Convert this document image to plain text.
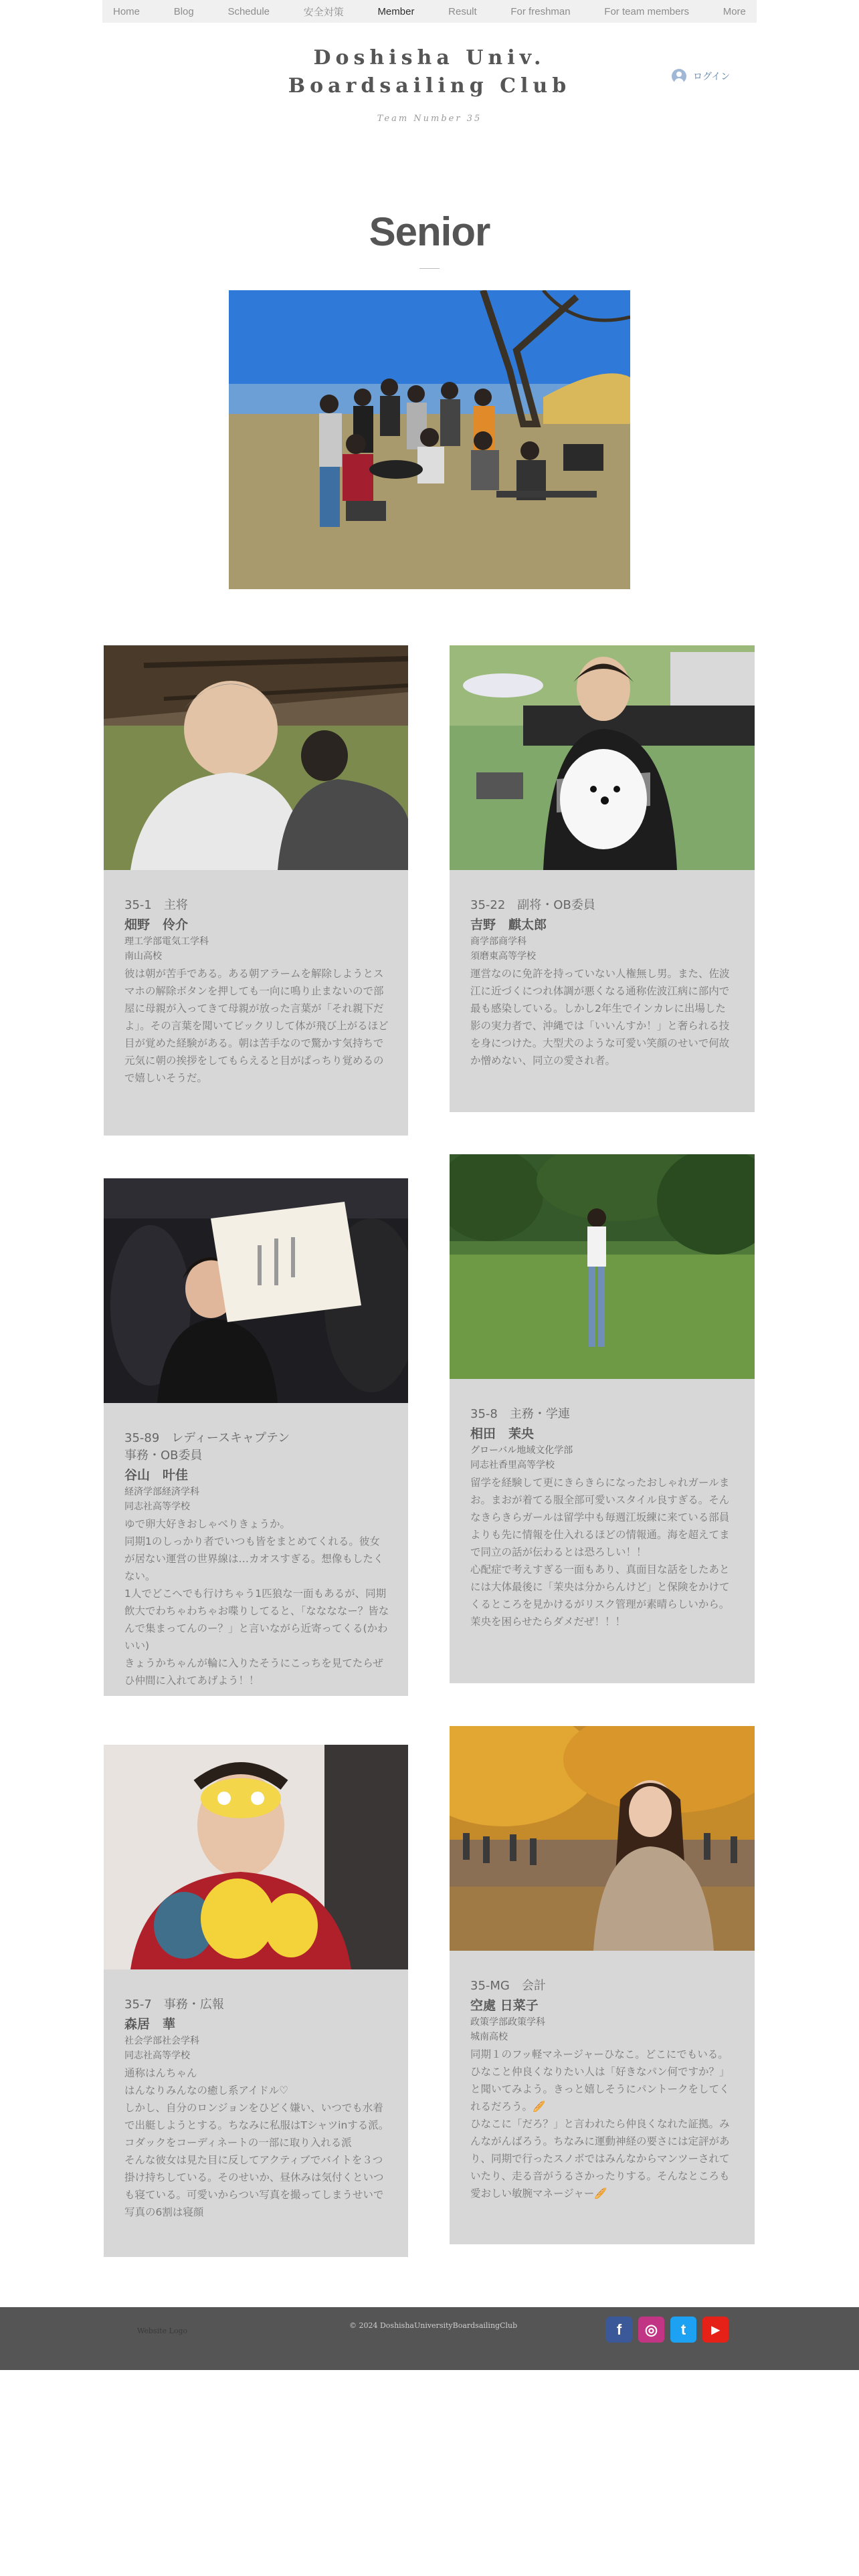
Home	Blog	Schedule	安全対策	Member	Result	For freshman	For team members	More
Doshisha Univ.
Boardsailing Club
Team Number 35
ログイン
Senior
35-1　主将
畑野　伶介
理工学部電気工学科
南山高校
彼は朝が苦手である。ある朝アラームを解除しようとスマホの解除ボタンを押しても一向に鳴り止まないので部屋に母親が入ってきて母親が放った言葉が「それ親下だよ」。その言葉を聞いてビックリして体が飛び上がるほど目が覚めた経験がある。朝は苦手なので驚かす気持ちで元気に朝の挨拶をしてもらえると目がぱっちり覚めるので嬉しいそうだ。
35-22　副将・OB委員
吉野　麒太郎
商学部商学科
須磨東高等学校
運営なのに免許を持っていない人権無し男。また、佐波江に近づくにつれ体調が悪くなる通称佐波江病に部内で最も感染している。しかし2年生でインカレに出場した影の実力者で、沖縄では「いいんすか！」と奢られる技を身につけた。大型犬のような可愛い笑顔のせいで何故か憎めない、同立の愛され者。
35-89　レディースキャプテン
事務・OB委員
谷山　叶佳
経済学部経済学科
同志社高等学校
ゆで卵大好きおしゃべりきょうか。
同期1のしっかり者でいつも皆をまとめてくれる。彼女が居ない運営の世界線は…カオスすぎる。想像もしたくない。
1人でどこへでも行けちゃう1匹狼な一面もあるが、同期飲大でわちゃわちゃお喋りしてると、「ななななー？皆なんで集まってんのー？」と言いながら近寄ってくる(かわいい)
きょうかちゃんが輪に入りたそうにこっちを見てたらぜひ仲間に入れてあげよう！！
35-8　主務・学連
相田　茉央
グローバル地域文化学部
同志社香里高等学校
留学を経験して更にきらきらになったおしゃれガールまお。まおが着てる服全部可愛いスタイル良すぎる。そんなきらきらガールは留学中も毎週江坂練に来ている部員よりも先に情報を仕入れるほどの情報通。海を超えてまで同立の話が伝わるとは恐ろしい！！
心配症で考えすぎる一面もあり、真面目な話をしたあとには大体最後に「茉央は分からんけど」と保険をかけてくるところを見かけるがリスク管理が素晴らしいから。茉央を困らせたらダメだぜ！！！
35-7　事務・広報
森居　華
社会学部社会学科
同志社高等学校
通称はんちゃん
はんなりみんなの癒し系アイドル♡
しかし、自分のロンジョンをひどく嫌い、いつでも水着で出艇しようとする。ちなみに私服はTシャツinする派。コダックをコーディネートの一部に取り入れる派
そんな彼女は見た目に反してアクティブでバイトを３つ掛け持ちしている。そのせいか、昼休みは気付くといつも寝ている。可愛いからつい写真を撮ってしまうせいで写真の6割は寝顔
35-MG　会計
空處 日菜子
政策学部政策学科
城南高校
同期１のフッ軽マネージャーひなこ。どこにでもいる。ひなこと仲良くなりたい人は「好きなパン何ですか？」と聞いてみよう。きっと嬉しそうにパントークをしてくれるだろう。🥖
ひなこに「だろ？」と言われたら仲良くなれた証拠。みんながんばろう。ちなみに運動神経の要さには定評があり、同期で行ったスノボではみんなからマンツーされていたり、走る音がうるさかったりする。そんなところも愛おしい敏腕マネージャー🥖
Website Logo
© 2024 DoshishaUniversityBoardsailingClub	f	◎	t	▶
